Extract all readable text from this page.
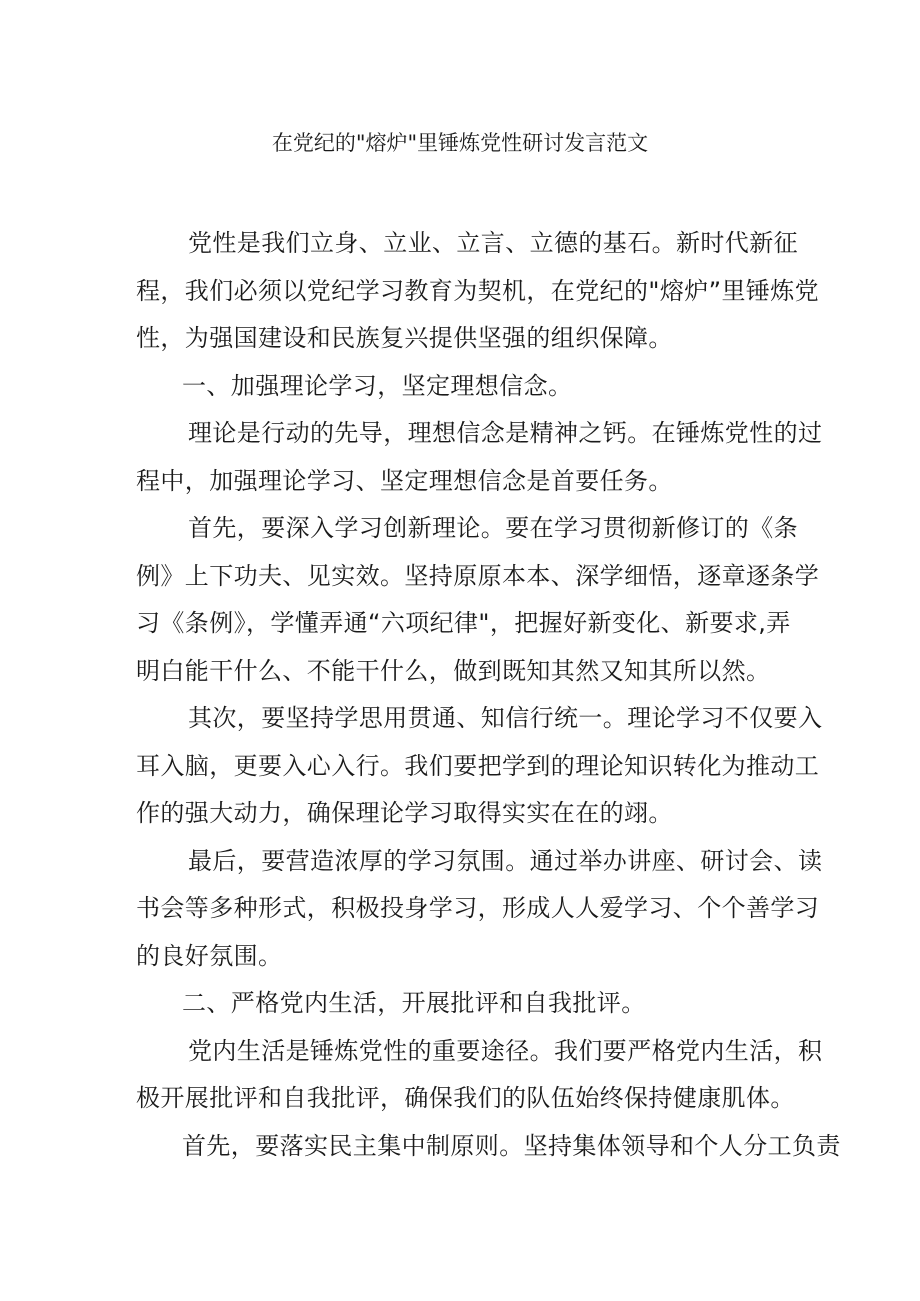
在党纪的"熔炉"里锤炼党性研讨发言范文

党性是我们立身、立业、立言、立德的基石。新时代新征
程，我们必须以党纪学习教育为契机，在党纪的"熔炉”里锤炼党
性，为强国建设和民族复兴提供坚强的组织保障。

一、加强理论学习，坚定理想信念。

理论是行动的先导，理想信念是精神之钙。在锤炼党性的过
程中，加强理论学习、坚定理想信念是首要任务。

首先，要深入学习创新理论。要在学习贯彻新修订的《条
例》上下功夫、见实效。坚持原原本本、深学细悟，逐章逐条学
习《条例》，学懂弄通“六项纪律"，把握好新变化、新要求,弄
明白能干什么、不能干什么，做到既知其然又知其所以然。

其次，要坚持学思用贯通、知信行统一。理论学习不仅要入
耳入脑，更要入心入行。我们要把学到的理论知识转化为推动工
作的强大动力，确保理论学习取得实实在在的翊。

最后，要营造浓厚的学习氛围。通过举办讲座、研讨会、读
书会等多种形式，积极投身学习，形成人人爱学习、个个善学习
的良好氛围。

二、严格党内生活，开展批评和自我批评。

党内生活是锤炼党性的重要途径。我们要严格党内生活，积
极开展批评和自我批评，确保我们的队伍始终保持健康肌体。

首先，要落实民主集中制原则。坚持集体领导和个人分工负责
